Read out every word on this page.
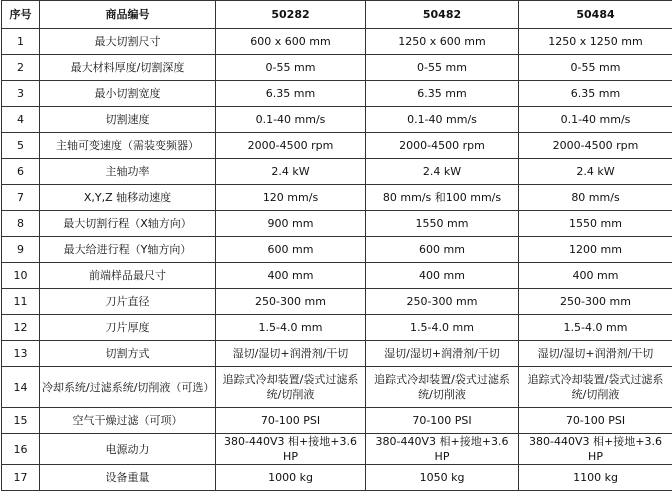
序号	商品编号	50282	50482	50484
1	最大切割尺寸	600 x 600 mm	1250 x 600 mm	1250 x 1250 mm
2	最大材料厚度/切割深度	0-55 mm	0-55 mm	0-55 mm
3	最小切割宽度	6.35 mm	6.35 mm	6.35 mm
4	切割速度	0.1-40 mm/s	0.1-40 mm/s	0.1-40 mm/s
5	主轴可变速度（需装变频器）	2000-4500 rpm	2000-4500 rpm	2000-4500 rpm
6	主轴功率	2.4 kW	2.4 kW	2.4 kW
7	X,Y,Z 轴移动速度	120 mm/s	80 mm/s 和100 mm/s	80 mm/s
8	最大切割行程（X轴方向）	900 mm	1550 mm	1550 mm
9	最大给进行程（Y轴方向）	600 mm	600 mm	1200 mm
10	前端样品最尺寸	400 mm	400 mm	400 mm
11	刀片直径	250-300 mm	250-300 mm	250-300 mm
12	刀片厚度	1.5-4.0 mm	1.5-4.0 mm	1.5-4.0 mm
13	切割方式	湿切/湿切+润滑剂/干切	湿切/湿切+润滑剂/干切	湿切/湿切+润滑剂/干切
14	冷却系统/过滤系统/切削液（可选）	追踪式冷却装置/袋式过滤系统/切削液	追踪式冷却装置/袋式过滤系统/切削液	追踪式冷却装置/袋式过滤系统/切削液
15	空气干燥过滤（可项）	70-100 PSI	70-100 PSI	70-100 PSI
16	电源动力	380-440V3 相+接地+3.6 HP	380-440V3 相+接地+3.6 HP	380-440V3 相+接地+3.6 HP
17	设备重量	1000 kg	1050 kg	1100 kg
